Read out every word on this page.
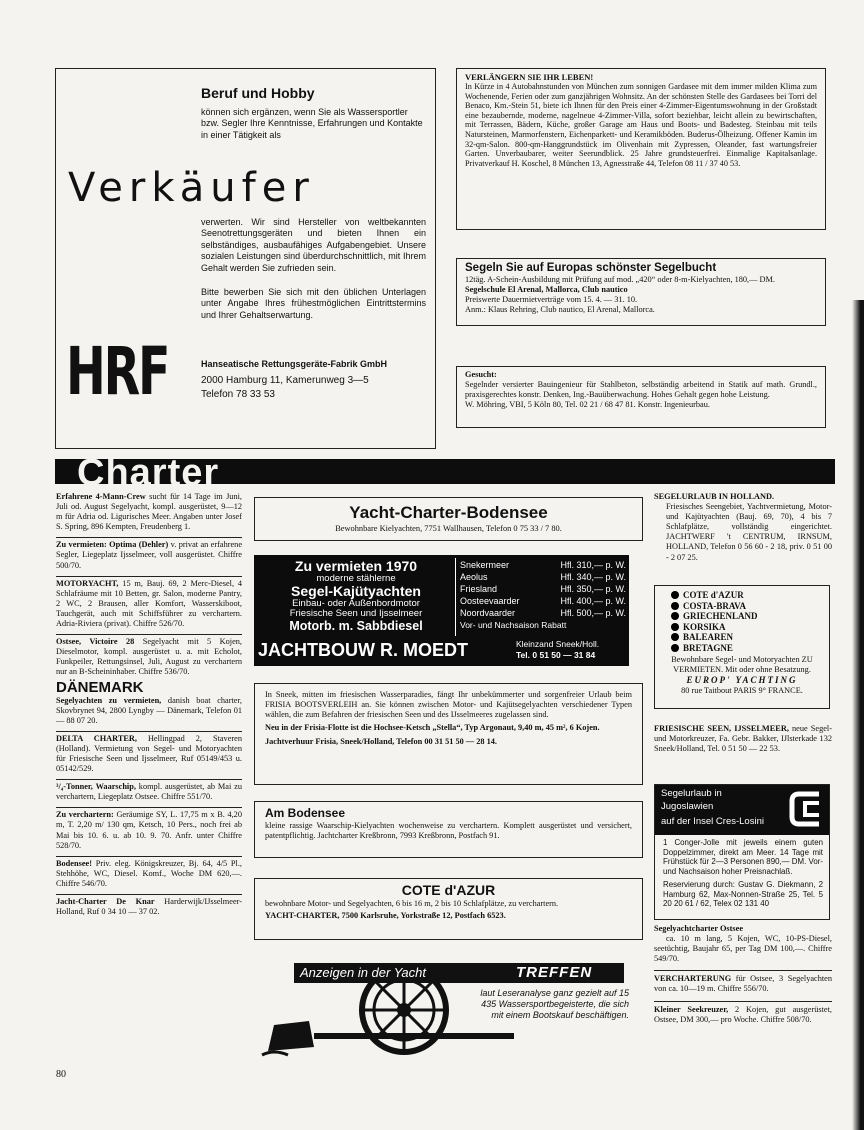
Beruf und Hobby
können sich ergänzen, wenn Sie als Wassersportler bzw. Segler Ihre Kenntnisse, Erfahrungen und Kontakte in einer Tätigkeit als
Verkäufer
verwerten. Wir sind Hersteller von weltbekannten Seenotrettungsgeräten und bieten Ihnen ein selbständiges, ausbaufähiges Aufgabengebiet. Unsere sozialen Leistungen sind überdurchschnittlich, mit Ihrem Gehalt werden Sie zufrieden sein.
Bitte bewerben Sie sich mit den üblichen Unterlagen unter Angabe Ihres frühestmöglichen Eintrittstermins und Ihrer Gehaltserwartung.
HRF	Hanseatische Rettungsgeräte-Fabrik GmbH
2000 Hamburg 11, Kamerunweg 3—5
Telefon 78 33 53
VERLÄNGERN SIE IHR LEBEN!
In Kürze in 4 Autobahnstunden von München zum sonnigen Gardasee mit dem immer milden Klima zum Wochenende, Ferien oder zum ganzjährigen Wohnsitz. An der schönsten Stelle des Gardasees bei Torri del Benaco, Km.-Stein 51, biete ich Ihnen für den Preis einer 4-Zimmer-Eigentumswohnung in der Großstadt eine bezaubernde, moderne, nagelneue 4-Zimmer-Villa, sofort beziehbar, leicht allein zu bewirtschaften, mit Terrassen, Bädern, Küche, großer Garage am Haus und Boots- und Badesteg. Steinbau mit teils Natursteinen, Marmorfenstern, Eichenparkett- und Keramikböden. Buderus-Ölheizung. Offener Kamin im 32-qm-Salon. 800-qm-Hanggrundstück im Olivenhain mit Zypressen, Oleander, fast wartungsfreier Garten. Unverbaubarer, weiter Seerundblick. 25 Jahre grundsteuerfrei. Einmalige Kapitalsanlage. Privatverkauf H. Koschel, 8 München 13, Agnesstraße 44, Telefon 08 11 / 37 40 53.
Segeln Sie auf Europas schönster Segelbucht
12täg. A-Schein-Ausbildung mit Prüfung auf mod. „420“ oder 8-m-Kielyachten, 180,— DM.
Segelschule El Arenal, Mallorca, Club nautico
Preiswerte Dauermietverträge vom 15. 4. — 31. 10.
Anm.: Klaus Rehring, Club nautico, El Arenal, Mallorca.
Gesucht:
Segelnder versierter Bauingenieur für Stahlbeton, selbständig arbeitend in Statik auf math. Grundl., praxisgerechtes konstr. Denken, Ing.-Bauüberwachung. Hohes Gehalt gegen hohe Leistung.
W. Möhring, VBI, 5 Köln 80, Tel. 02 21 / 68 47 81. Konstr. Ingenieurbau.
Charter
Erfahrene 4-Mann-Crew sucht für 14 Tage im Juni, Juli od. August Segelyacht, kompl. ausgerüstet, 9—12 m für Adria od. Ligurisches Meer. Angaben unter Josef S. Spring, 896 Kempten, Freudenberg 1.
Zu vermieten: Optima (Dehler) v. privat an erfahrene Segler, Liegeplatz Ijsselmeer, voll ausgerüstet. Chiffre 500/70.
MOTORYACHT, 15 m, Bauj. 69, 2 Merc-Diesel, 4 Schlafräume mit 10 Betten, gr. Salon, moderne Pantry, 2 WC, 2 Brausen, aller Komfort, Wasserskiboot, Tauchgerät, auch mit Schiffsführer zu verchartern. Adria-Riviera (privat). Chiffre 526/70.
Ostsee, Victoire 28 Segelyacht mit 5 Kojen, Dieselmotor, kompl. ausgerüstet u. a. mit Echolot, Funkpeiler, Rettungsinsel, Juli, August zu verchartern nur an B-Scheininhaber. Chiffre 536/70.
DÄNEMARK
Segelyachten zu vermieten, danish boat charter, Skovbrynet 94, 2800 Lyngby — Dänemark, Telefon 01 — 88 07 20.
DELTA CHARTER, Hellingpad 2, Staveren (Holland). Vermietung von Segel- und Motoryachten für Friesische Seen und Ijsselmeer, Ruf 05149/453 u. 05142/529.
³/₄-Tonner, Waarschip, kompl. ausgerüstet, ab Mai zu verchartern, Liegeplatz Ostsee. Chiffre 551/70.
Zu verchartern: Geräumige SY, L. 17,75 m x B. 4,20 m, T. 2,20 m/ 130 qm, Ketsch, 10 Pers., noch frei ab Mai bis 10. 6. u. ab 10. 9. 70. Anfr. unter Chiffre 528/70.
Bodensee! Priv. eleg. Königskreuzer, Bj. 64, 4/5 Pl., Stehhöhe, WC, Diesel. Komf., Woche DM 620,—. Chiffre 546/70.
Jacht-Charter De Knar Harderwijk/IJsselmeer-Holland, Ruf 0 34 10 — 37 02.
Yacht-Charter-Bodensee
Bewohnbare Kielyachten, 7751 Wallhausen, Telefon 0 75 33 / 7 80.
Zu vermieten 1970
moderne stählerne
Segel-Kajütyachten
Einbau- oder Außenbordmotor
Friesische Seen und Ijsselmeer
Motorb. m. Sabbdiesel
Snekermeer	Hfl. 310,— p. W.
Aeolus	Hfl. 340,— p. W.
Friesland	Hfl. 350,— p. W.
Oosteevaarder	Hfl. 400,— p. W.
Noordvaarder	Hfl. 500,— p. W.
Vor- und Nachsaison Rabatt
JACHTBOUW R. MOEDT	Kleinzand Sneek/Holl.
Tel. 0 51 50 — 31 84
In Sneek, mitten im friesischen Wasserparadies, fängt Ihr unbekümmerter und sorgenfreier Urlaub beim FRISIA BOOTSVERLEIH an. Sie können zwischen Motor- und Kajütsegelyachten verschiedener Typen wählen, die zum Befahren der friesischen Seen und des IJsselmeeres zugelassen sind.
Neu in der Frisia-Flotte ist die Hochsee-Ketsch „Stella“, Typ Argonaut, 9,40 m, 45 m², 6 Kojen.
Jachtverhuur Frisia, Sneek/Holland, Telefon 00 31 51 50 — 28 14.
Am Bodensee
kleine rassige Waarschip-Kielyachten wochenweise zu verchartern. Komplett ausgerüstet und versichert, patentpflichtig. Jachtcharter Kreßbronn, 7993 Kreßbronn, Postfach 91.
COTE d'AZUR
bewohnbare Motor- und Segelyachten, 6 bis 16 m, 2 bis 10 Schlafplätze, zu verchartern.
YACHT-CHARTER, 7500 Karlsruhe, Yorkstraße 12, Postfach 6523.
Anzeigen in der Yacht	TREFFEN
laut Leseranalyse ganz gezielt auf 15 435 Wassersportbegeisterte, die sich mit einem Bootskauf beschäftigen.
SEGELURLAUB IN HOLLAND.
Friesisches Seengebiet, Yachtvermietung, Motor- und Kajütyachten (Bauj. 69, 70), 4 bis 7 Schlafplätze, vollständig eingerichtet. JACHTWERF 't CENTRUM, IRNSUM, HOLLAND, Telefon 0 56 60 - 2 18, priv. 0 51 00 - 2 07 25.
COTE d'AZUR
COSTA-BRAVA
GRIECHENLAND
KORSIKA
BALEAREN
BRETAGNE
Bewohnbare Segel- und Motoryachten ZU VERMIETEN. Mit oder ohne Besatzung.
EUROP' YACHTING
80 rue Taitbout PARIS 9° FRANCE.
FRIESISCHE SEEN, IJSSELMEER, neue Segel- und Motorkreuzer, Fa. Gebr. Bakker, IJlsterkade 132 Sneek/Holland, Tel. 0 51 50 — 22 53.
Segelurlaub in
Jugoslawien
auf der Insel Cres-Losini
1 Conger-Jolle mit jeweils einem guten Doppelzimmer, direkt am Meer. 14 Tage mit Frühstück für 2—3 Personen 890,— DM. Vor- und Nachsaison hoher Preisnachlaß.
Reservierung durch: Gustav G. Diekmann, 2 Hamburg 62, Max-Nonnen-Straße 25, Tel. 5 20 20 61 / 62, Telex 02 131 40
Segelyachtcharter Ostsee
ca. 10 m lang, 5 Kojen, WC, 10-PS-Diesel, seetüchtig, Baujahr 65, per Tag DM 100,—. Chiffre 549/70.
VERCHARTERUNG für Ostsee, 3 Segelyachten von ca. 10—19 m. Chiffre 556/70.
Kleiner Seekreuzer, 2 Kojen, gut ausgerüstet, Ostsee, DM 300,— pro Woche. Chiffre 508/70.
80
